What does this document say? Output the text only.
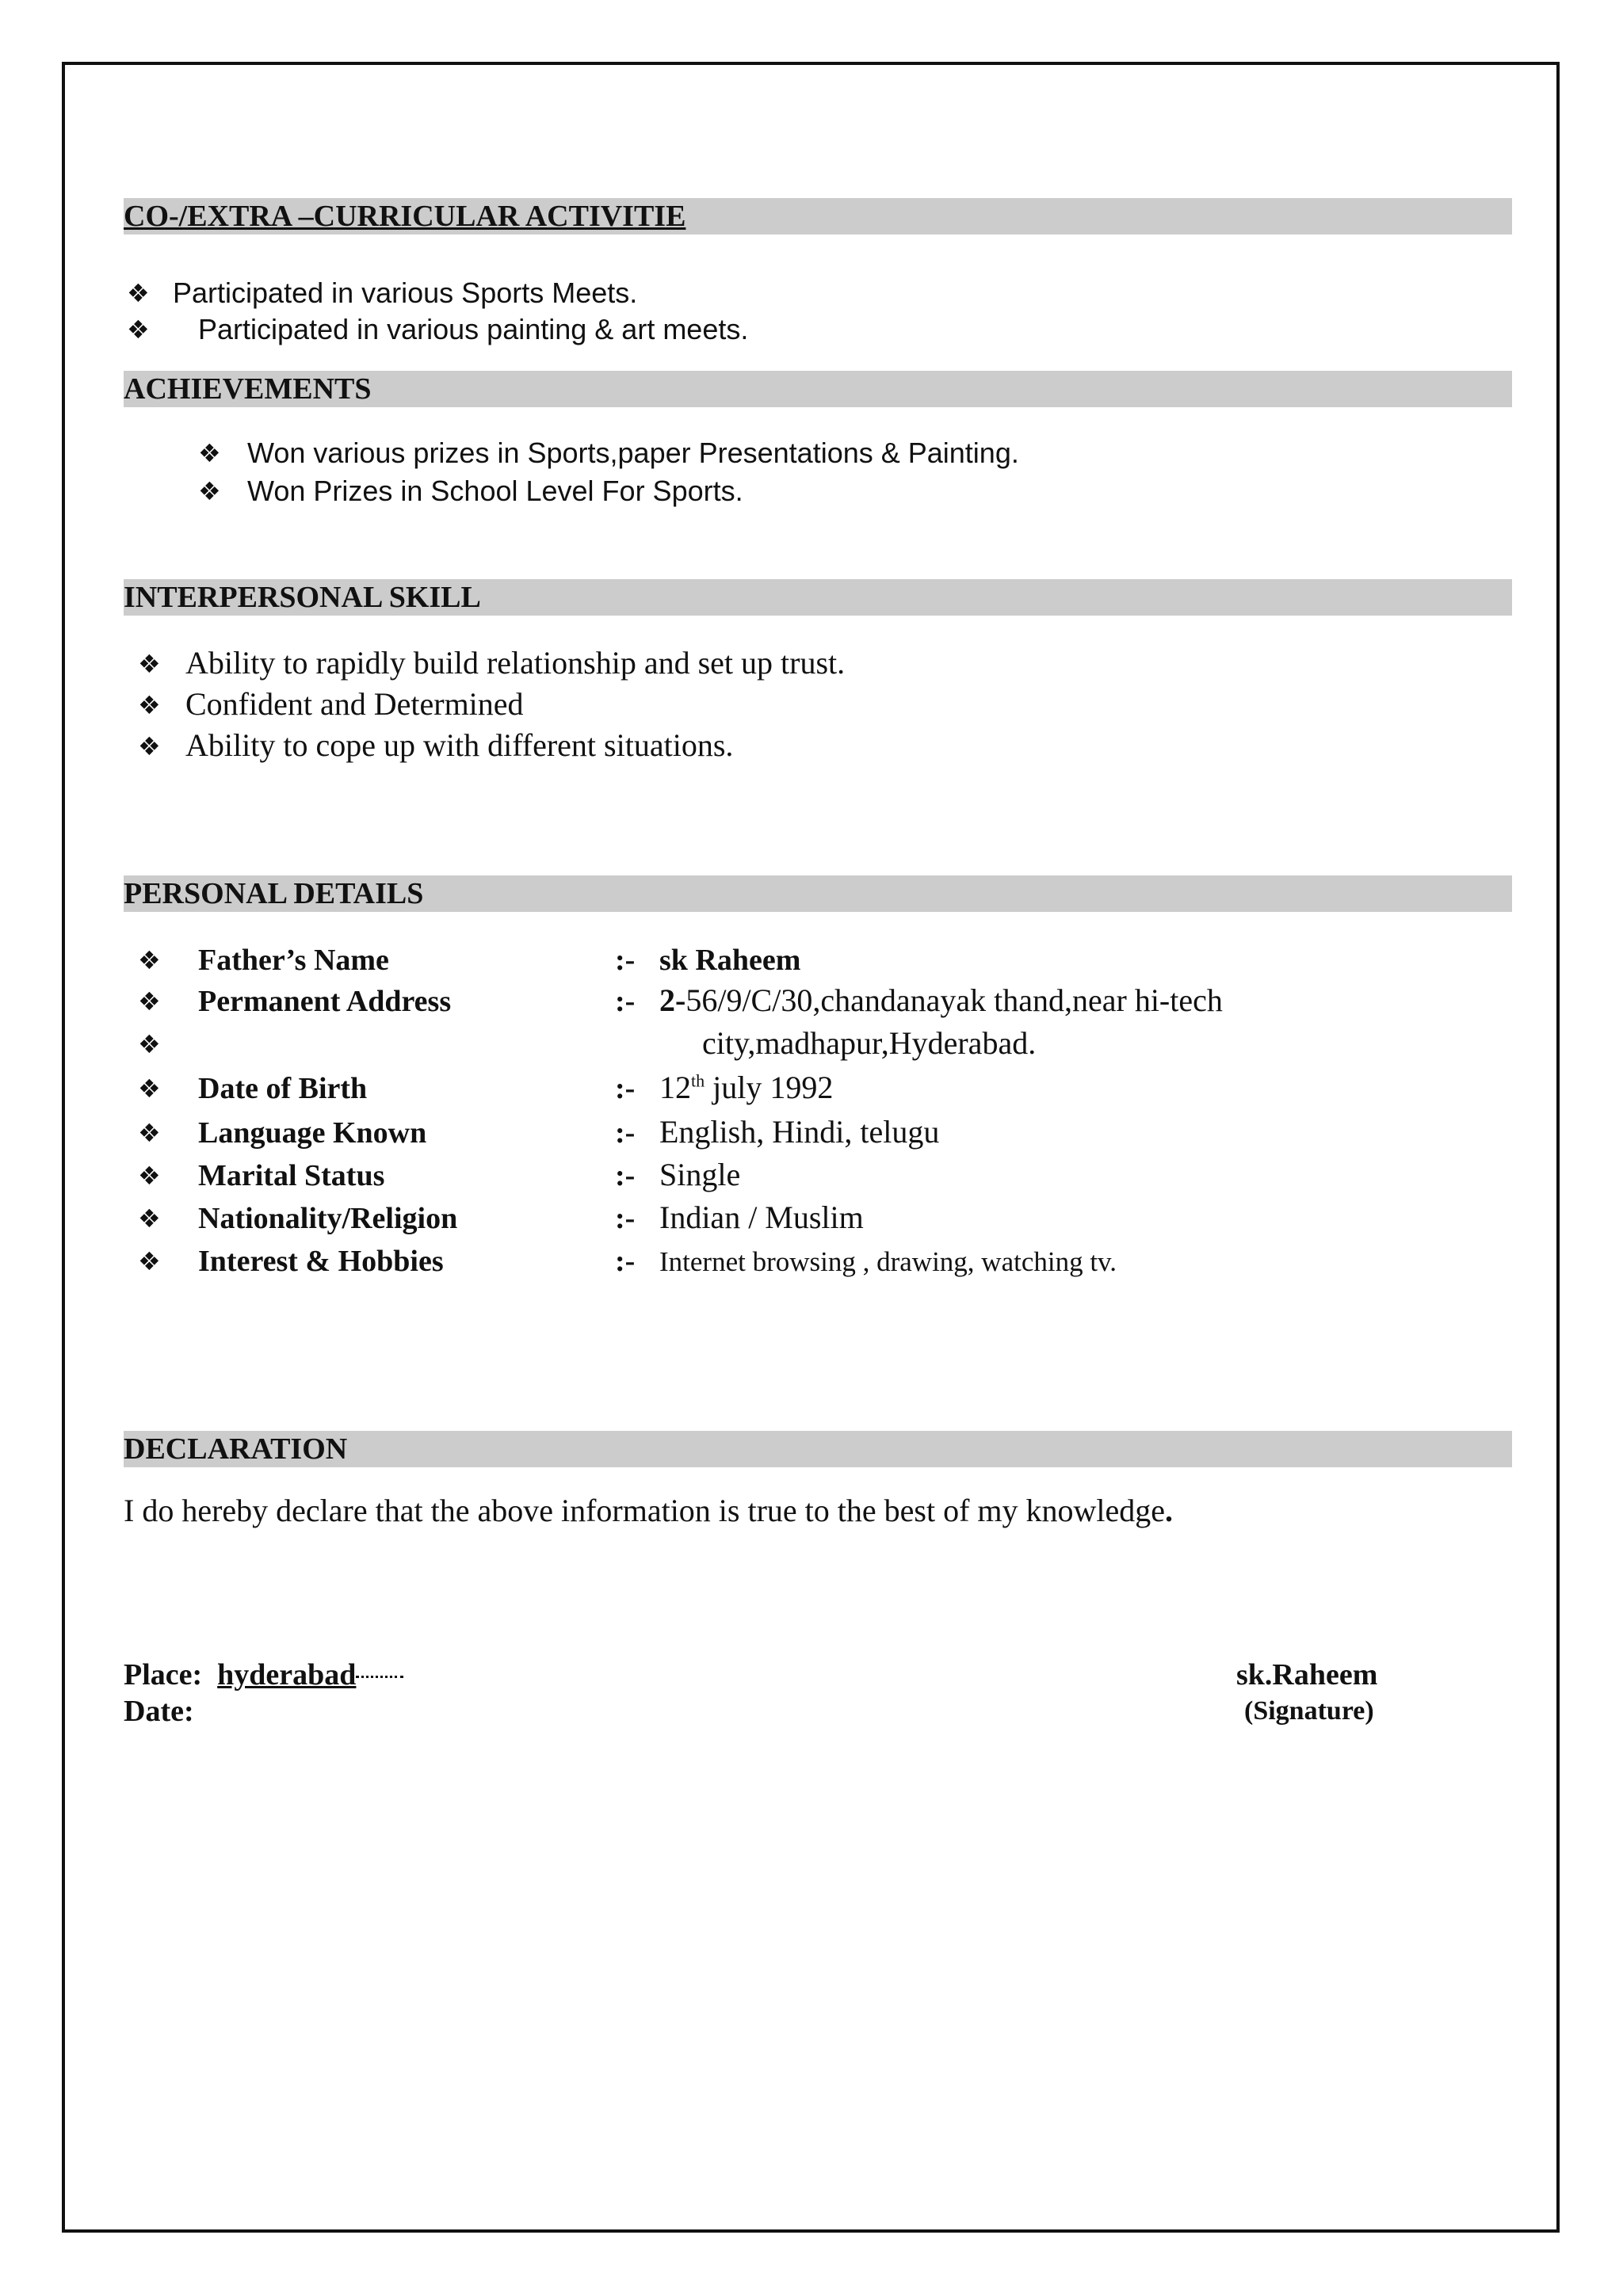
CO-/EXTRA –CURRICULAR ACTIVITIE
❖ Participated in various Sports Meets.
❖ Participated in various painting & art meets.
ACHIEVEMENTS
❖ Won various prizes in Sports,paper Presentations & Painting.
❖ Won Prizes in School Level For Sports.
INTERPERSONAL SKILL
❖ Ability to rapidly build relationship and set up trust.
❖ Confident and Determined
❖ Ability to cope up with different situations.
PERSONAL DETAILS
❖ Father’s Name	:- sk Raheem
❖ Permanent Address	:- 2-56/9/C/30,chandanayak thand,near hi-tech
❖	city,madhapur,Hyderabad.
❖ Date of Birth	:- 12th july 1992
❖ Language Known	:- English, Hindi, telugu
❖ Marital Status	:- Single
❖ Nationality/Religion	:- Indian / Muslim
❖ Interest & Hobbies	:- Internet browsing , drawing, watching tv.
DECLARATION
I do hereby declare that the above information is true to the best of my knowledge.
Place: hyderabad
Date:
sk.Raheem
(Signature)
